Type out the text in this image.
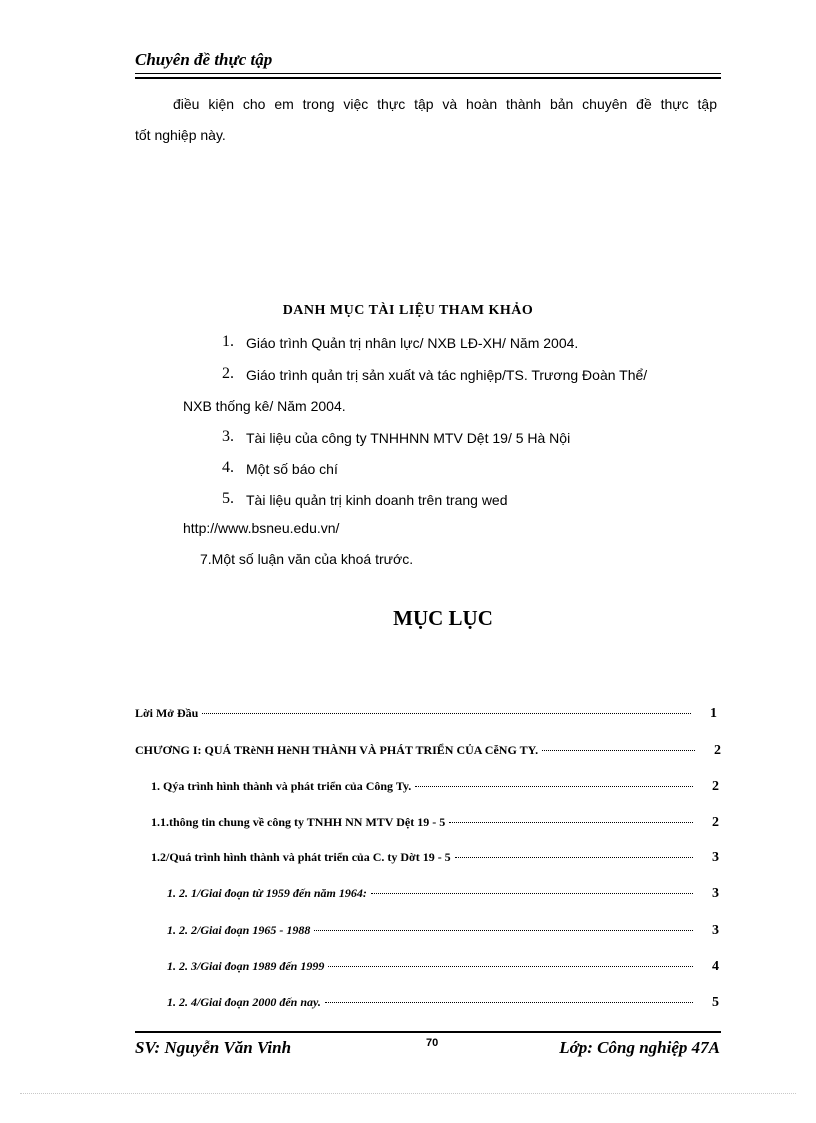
Chuyên đề thực tập
điều kiện cho em trong việc thực tập và hoàn thành bản chuyên đề thực tập
tốt nghiệp này.
DANH MỤC TÀI LIỆU THAM KHẢO
1. Giáo trình Quản trị nhân lực/ NXB LĐ-XH/ Năm 2004.
2. Giáo trình quản trị sản xuất và tác nghiệp/TS. Trương Đoàn Thể/
NXB thống kê/ Năm 2004.
3. Tài liệu của công ty TNHHNN MTV Dệt 19/ 5 Hà Nội
4. Một số báo chí
5. Tài liệu quản trị kinh doanh trên trang wed
http://www.bsneu.edu.vn/
7.Một số luận văn của khoá trước.
MỤC LỤC
Lời Mở Đầu	1
CHƯƠNG I: QUÁ TRèNH HèNH THÀNH VÀ PHÁT TRIỂN CỦA CễNG TY.	2
1. Qýa trình hình thành và phát triển của Công Ty.	2
1.1.thông tin chung về công ty TNHH NN MTV Dệt 19 - 5	2
1.2/Quá trình hình thành và phát triển của C. ty Dờt 19 - 5	3
1. 2. 1/Giai đoạn từ 1959 đến năm 1964:	3
1. 2. 2/Giai đoạn 1965 - 1988	3
1. 2. 3/Giai đoạn 1989 đến 1999	4
1. 2. 4/Giai đoạn 2000 đến nay.	5
SV: Nguyễn Văn Vinh	70	Lớp: Công nghiệp 47A
